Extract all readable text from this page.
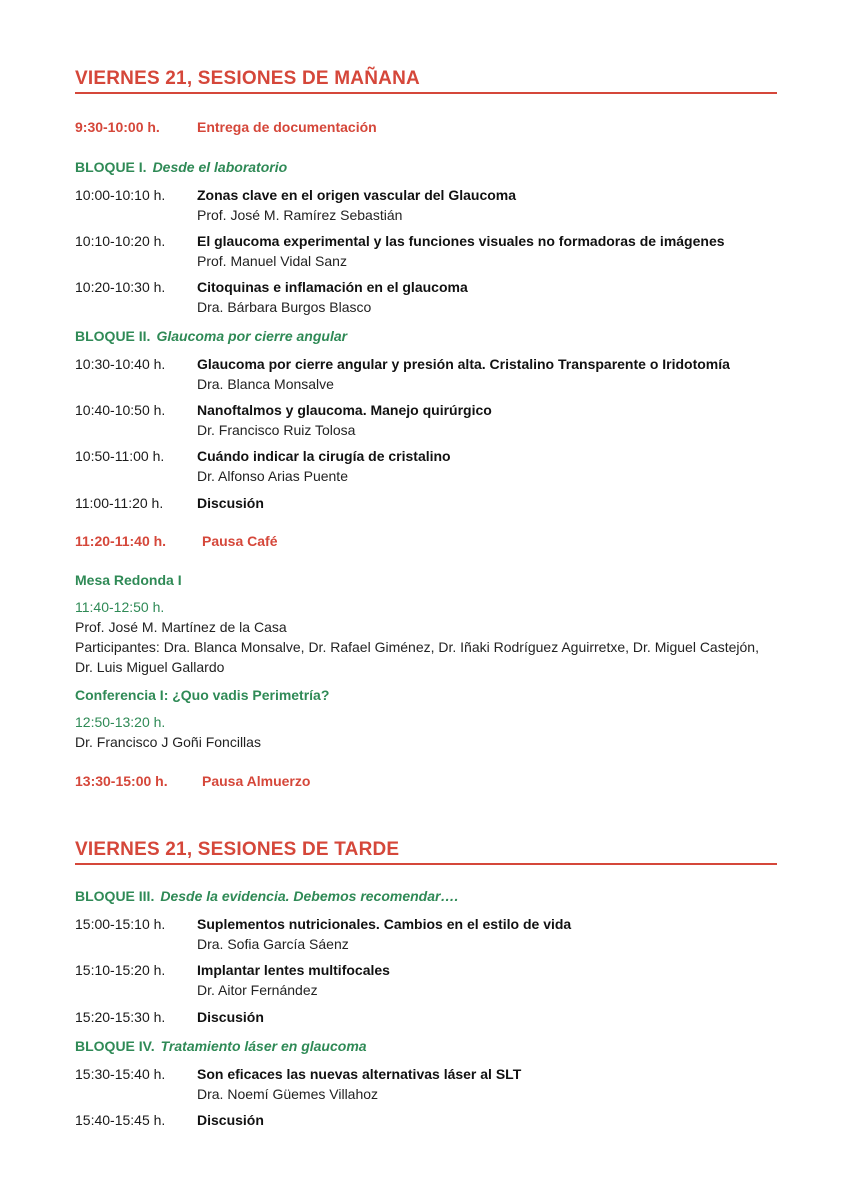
VIERNES 21, SESIONES DE MAÑANA
9:30-10:00 h.	Entrega de documentación
BLOQUE I. Desde el laboratorio
10:00-10:10 h. Zonas clave en el origen vascular del Glaucoma
Prof. José M. Ramírez Sebastián
10:10-10:20 h. El glaucoma experimental y las funciones visuales no formadoras de imágenes
Prof. Manuel Vidal Sanz
10:20-10:30 h. Citoquinas e inflamación en el glaucoma
Dra. Bárbara Burgos Blasco
BLOQUE II. Glaucoma por cierre angular
10:30-10:40 h. Glaucoma por cierre angular y presión alta. Cristalino Transparente o Iridotomía
Dra. Blanca Monsalve
10:40-10:50 h. Nanoftalmos y glaucoma. Manejo quirúrgico
Dr. Francisco Ruiz Tolosa
10:50-11:00 h. Cuándo indicar la cirugía de cristalino
Dr. Alfonso Arias Puente
11:00-11:20 h. Discusión
11:20-11:40 h.	Pausa Café
Mesa Redonda I
11:40-12:50 h.
Prof. José M. Martínez de la Casa
Participantes: Dra. Blanca Monsalve, Dr. Rafael Giménez, Dr. Iñaki Rodríguez Aguirretxe, Dr. Miguel Castejón, Dr. Luis Miguel Gallardo
Conferencia I: ¿Quo vadis Perimetría?
12:50-13:20 h.
Dr. Francisco J Goñi Foncillas
13:30-15:00 h. Pausa Almuerzo
VIERNES 21, SESIONES DE TARDE
BLOQUE III. Desde la evidencia. Debemos recomendar….
15:00-15:10 h. Suplementos nutricionales. Cambios en el estilo de vida
Dra. Sofia García Sáenz
15:10-15:20 h. Implantar lentes multifocales
Dr. Aitor Fernández
15:20-15:30 h. Discusión
BLOQUE IV. Tratamiento láser en glaucoma
15:30-15:40 h. Son eficaces las nuevas alternativas láser al SLT
Dra. Noemí Güemes Villahoz
15:40-15:45 h. Discusión
